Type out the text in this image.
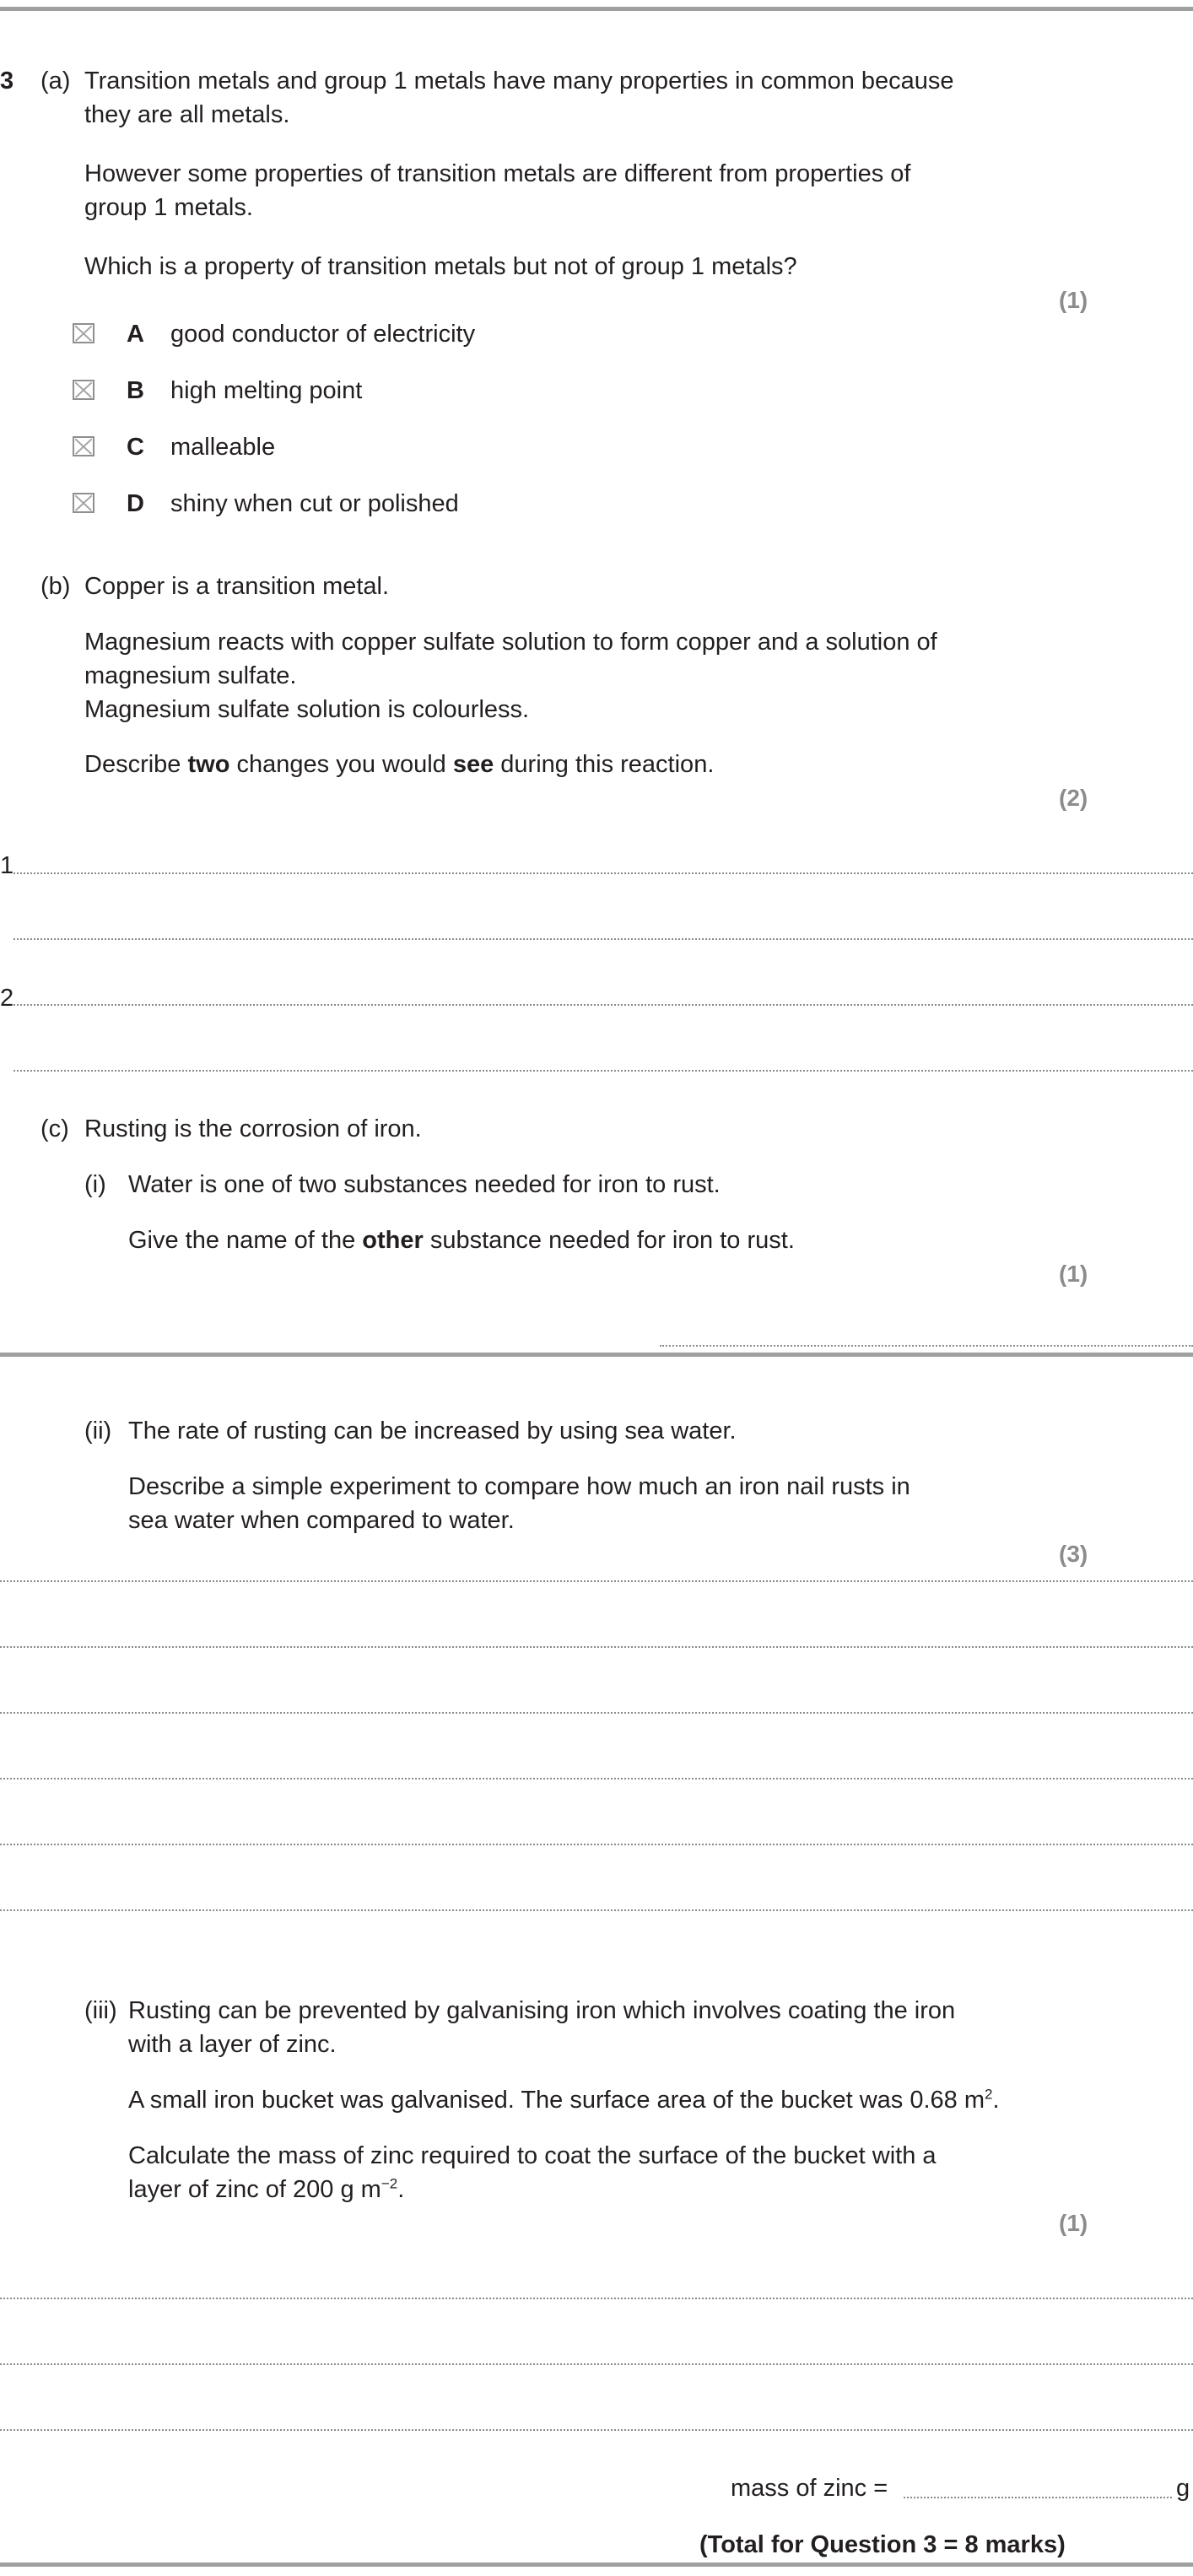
3 (a) Transition metals and group 1 metals have many properties in common because
they are all metals.
However some properties of transition metals are different from properties of
group 1 metals.
Which is a property of transition metals but not of group 1 metals?
(1)
A good conductor of electricity
B high melting point
C malleable
D shiny when cut or polished
(b) Copper is a transition metal.
Magnesium reacts with copper sulfate solution to form copper and a solution of
magnesium sulfate.
Magnesium sulfate solution is colourless.
Describe two changes you would see during this reaction.
(2)
1
2
(c) Rusting is the corrosion of iron.
(i) Water is one of two substances needed for iron to rust.
Give the name of the other substance needed for iron to rust.
(1)
(ii) The rate of rusting can be increased by using sea water.
Describe a simple experiment to compare how much an iron nail rusts in
sea water when compared to water.
(3)
(iii) Rusting can be prevented by galvanising iron which involves coating the iron
with a layer of zinc.
A small iron bucket was galvanised. The surface area of the bucket was 0.68 $m^2$.
Calculate the mass of zinc required to coat the surface of the bucket with a
layer of zinc of 200 g $m^{-2}$.
(1)
mass of zinc =	g
(Total for Question 3 = 8 marks)
